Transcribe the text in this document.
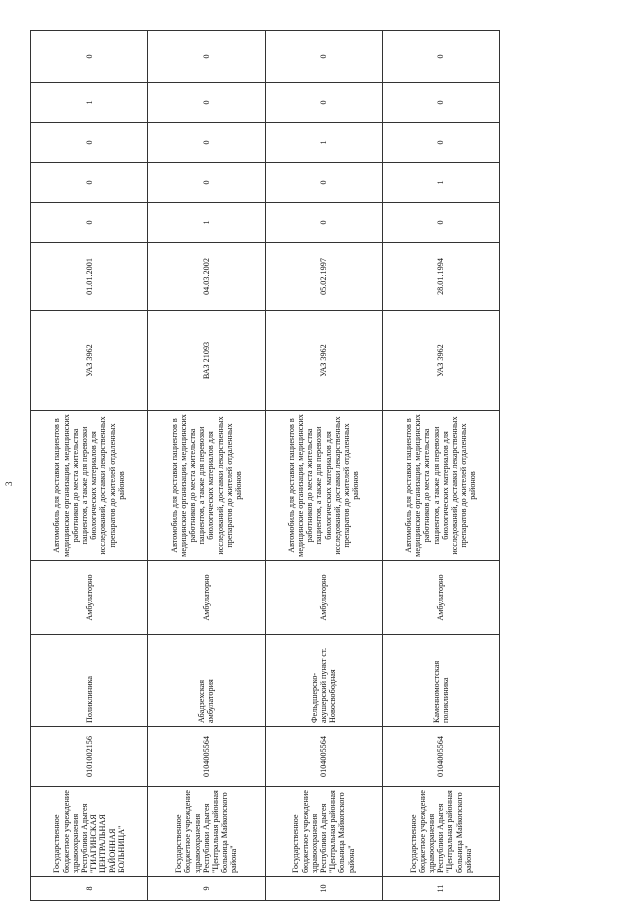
3
8	Государственное бюджетное учреждение здравоохранения Республики Адыгея "ГИАГИНСКАЯ ЦЕНТРАЛЬНАЯ РАЙОННАЯ БОЛЬНИЦА"	0101002156	Поликлиника	Амбулаторно	Автомобиль для доставки пациентов в медицинские организации, медицинских работников до места жительства пациентов, а также для перевозки биологических материалов для исследований, доставки лекарственных препаратов до жителей отдаленных районов	УАЗ 3962	01.01.2001	0	0	0	1	0
9	Государственное бюджетное учреждение здравоохранения Республики Адыгея "Центральная районная больница Майкопского района"	0104005564	Абадзехская амбулатория	Амбулаторно	Автомобиль для доставки пациентов в медицинские организации, медицинских работников до места жительства пациентов, а также для перевозки биологических материалов для исследований, доставки лекарственных препаратов до жителей отдаленных районов	ВАЗ 21093	04.03.2002	1	0	0	0	0
10	Государственное бюджетное учреждение здравоохранения Республики Адыгея "Центральная районная больница Майкопского района"	0104005564	Фельдшерско-акушерский пункт ст. Новосвободная	Амбулаторно	Автомобиль для доставки пациентов в медицинские организации, медицинских работников до места жительства пациентов, а также для перевозки биологических материалов для исследований, доставки лекарственных препаратов до жителей отдаленных районов	УАЗ 3962	05.02.1997	0	0	1	0	0
11	Государственное бюджетное учреждение здравоохранения Республики Адыгея "Центральная районная больница Майкопского района"	0104005564	Каменномостская поликлиника	Амбулаторно	Автомобиль для доставки пациентов в медицинские организации, медицинских работников до места жительства пациентов, а также для перевозки биологических материалов для исследований, доставки лекарственных препаратов до жителей отдаленных районов	УАЗ 3962	28.01.1994	0	1	0	0	0
